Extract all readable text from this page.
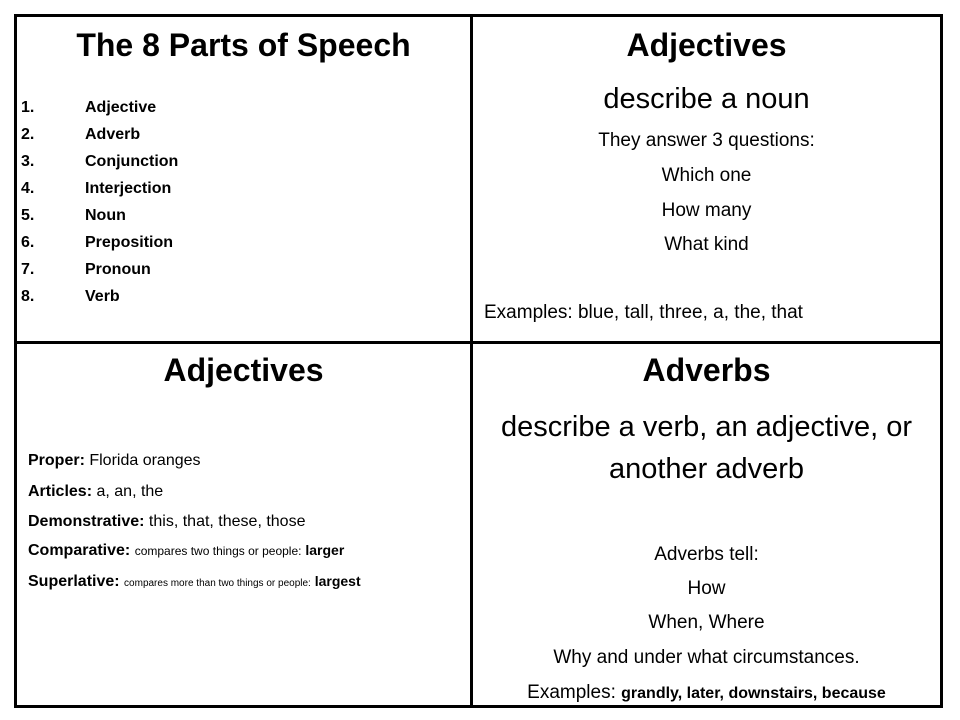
The 8 Parts of Speech
1.	Adjective
2.	Adverb
3.	Conjunction
4.	Interjection
5.	Noun
6.	Preposition
7.	Pronoun
8.	Verb
Adjectives
describe a noun
They answer 3 questions:
Which one
How many
What kind
Examples: blue, tall, three, a, the, that
Adjectives
Proper: Florida oranges
Articles: a, an, the
Demonstrative: this, that, these, those
Comparative: compares two things or people: larger
Superlative: compares more than two things or people: largest
Adverbs
describe a verb, an adjective, or another adverb
Adverbs tell:
How
When, Where
Why and under what circumstances.
Examples: grandly, later, downstairs, because
